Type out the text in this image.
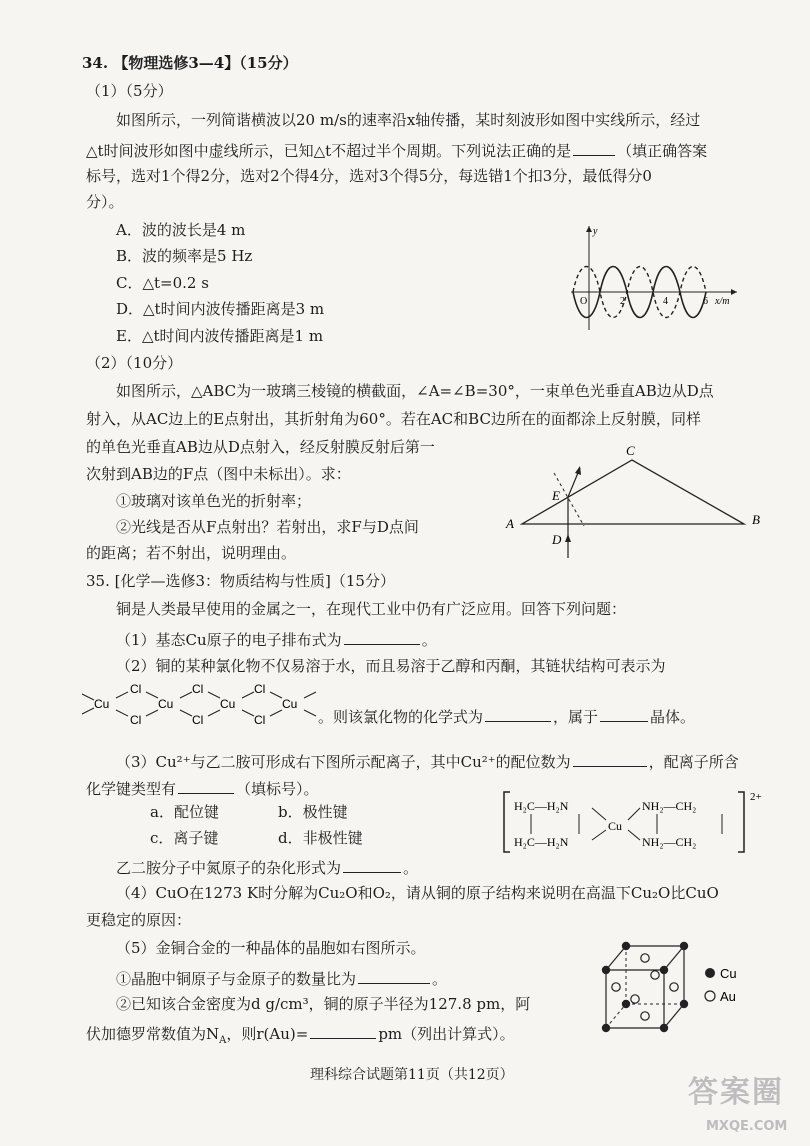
34. 【物理选修3—4】（15分）
（1）（5分）
如图所示，一列简谐横波以20 m/s的速率沿x轴传播，某时刻波形如图中实线所示，经过
△t时间波形如图中虚线所示，已知△t不超过半个周期。下列说法正确的是	（填正确答案
标号，选对1个得2分，选对2个得4分，选对3个得5分，每选错1个扣3分，最低得分0
分）。
A．波的波长是4 m
B．波的频率是5 Hz
C．△t=0.2 s
D．△t时间内波传播距离是3 m
E．△t时间内波传播距离是1 m
y
O	2	4	6 x/m
（2）（10分）
如图所示，△ABC为一玻璃三棱镜的横截面，∠A=∠B=30°，一束单色光垂直AB边从D点
射入，从AC边上的E点射出，其折射角为60°。若在AC和BC边所在的面都涂上反射膜，同样
的单色光垂直AB边从D点射入，经反射膜反射后第一
次射到AB边的F点（图中未标出）。求：
①玻璃对该单色光的折射率；
②光线是否从F点射出？若射出，求F与D点间
的距离；若不射出，说明理由。
C
A	B
E
D
35. [化学—选修3：物质结构与性质]（15分）
铜是人类最早使用的金属之一，在现代工业中仍有广泛应用。回答下列问题：
（1）基态Cu原子的电子排布式为	。
（2）铜的某种氯化物不仅易溶于水，而且易溶于乙醇和丙酮，其链状结构可表示为
Cu
Cl
Cl
Cu
Cl
Cl
Cu
Cl
Cl
Cu
。则该氯化物的化学式为	，属于	晶体。
（3）Cu²⁺与乙二胺可形成右下图所示配离子，其中Cu²⁺的配位数为	，配离子所含
化学键类型有	（填标号）。
a．配位键	b．极性键
c．离子键	d．非极性键
H₂C—H₂N
H₂C—H₂N
Cu
NH₂—CH₂
NH₂—CH₂
2+
乙二胺分子中氮原子的杂化形式为	。
（4）CuO在1273 K时分解为Cu₂O和O₂，请从铜的原子结构来说明在高温下Cu₂O比CuO
更稳定的原因：
（5）金铜合金的一种晶体的晶胞如右图所示。
①晶胞中铜原子与金原子的数量比为	。
②已知该合金密度为d g/cm³，铜的原子半径为127.8 pm，阿
伏加德罗常数值为$N_A$，则r(Au)=	pm（列出计算式）。
Cu
Au
理科综合试题第11页（共12页）	答案圈
MXQE.COM
